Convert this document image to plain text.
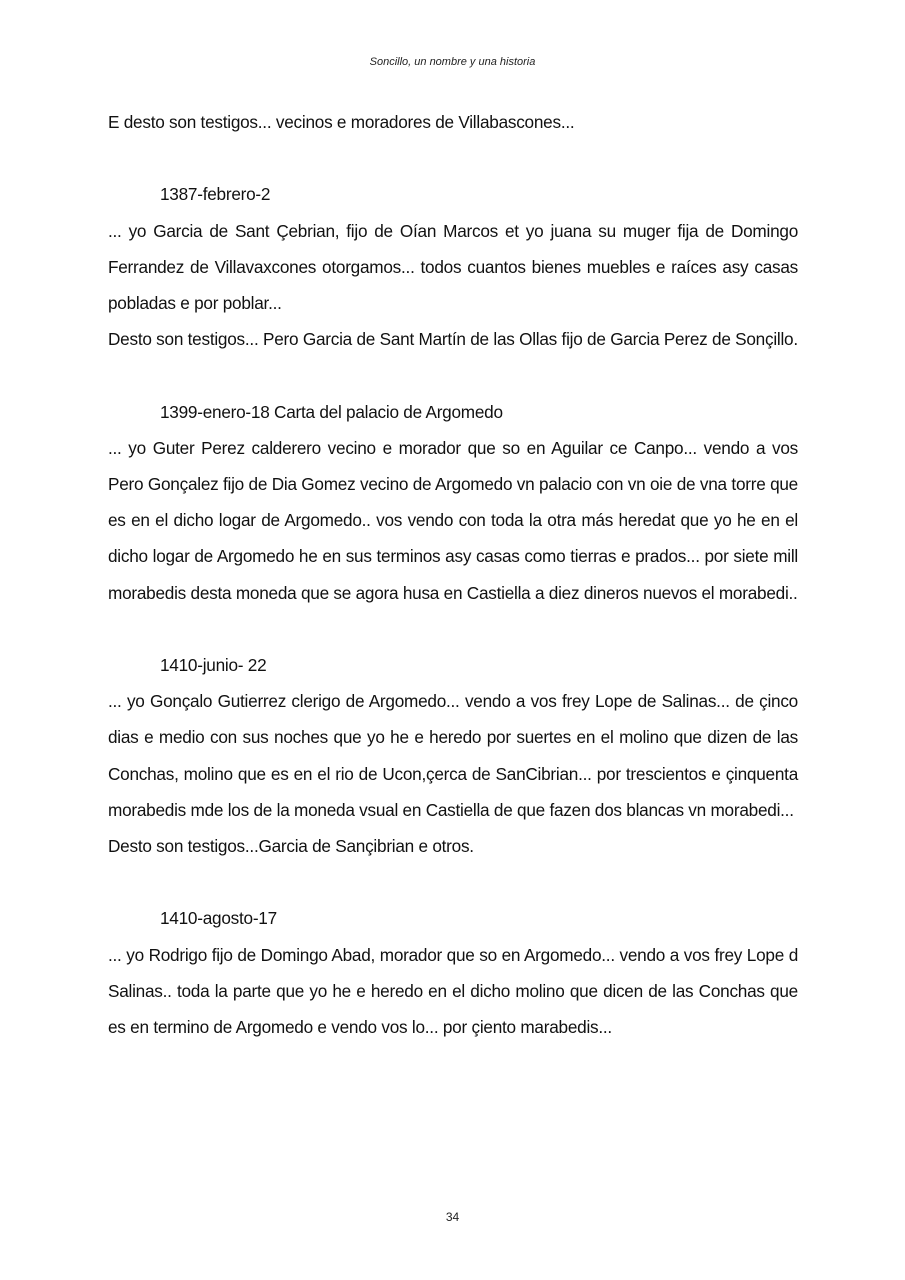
Soncillo, un nombre y una historia

E desto son testigos... vecinos e moradores de Villabascones...

1387-febrero-2

... yo Garcia de Sant Çebrian, fijo de Oían Marcos et yo juana su muger fija de Domingo Ferrandez de Villavaxcones otorgamos... todos cuantos bienes muebles e raíces asy casas pobladas e por poblar...

Desto son testigos... Pero Garcia de Sant Martín de las Ollas fijo de Garcia Perez de Sonçillo.

1399-enero-18 Carta del palacio de Argomedo

... yo Guter Perez calderero vecino e morador que so en Aguilar ce Canpo... vendo a vos Pero Gonçalez fijo de Dia Gomez vecino de Argomedo vn palacio con vn oie de vna torre que es en el dicho logar de Argomedo.. vos vendo con toda la otra más heredat que yo he en el dicho logar de Argomedo he en sus terminos asy casas como tierras e prados... por siete mill morabedis desta moneda que se agora husa en Castiella a diez dineros nuevos el morabedi..

1410-junio- 22

... yo Gonçalo Gutierrez clerigo de Argomedo... vendo a vos frey Lope de Salinas... de çinco dias e medio con sus noches que yo he e heredo por suertes en el molino que dizen de las Conchas, molino que es en el rio de Ucon,çerca de SanCibrian... por trescientos e çinquenta morabedis mde los de la moneda vsual en Castiella de que fazen dos blancas vn morabedi...

Desto son testigos...Garcia de Sançibrian e otros.

1410-agosto-17

... yo Rodrigo fijo de Domingo Abad, morador que so en Argomedo... vendo a vos frey Lope d Salinas.. toda la parte que yo he e heredo en el dicho molino que dicen de las Conchas que es en termino de Argomedo e vendo vos lo... por çiento marabedis...

34
